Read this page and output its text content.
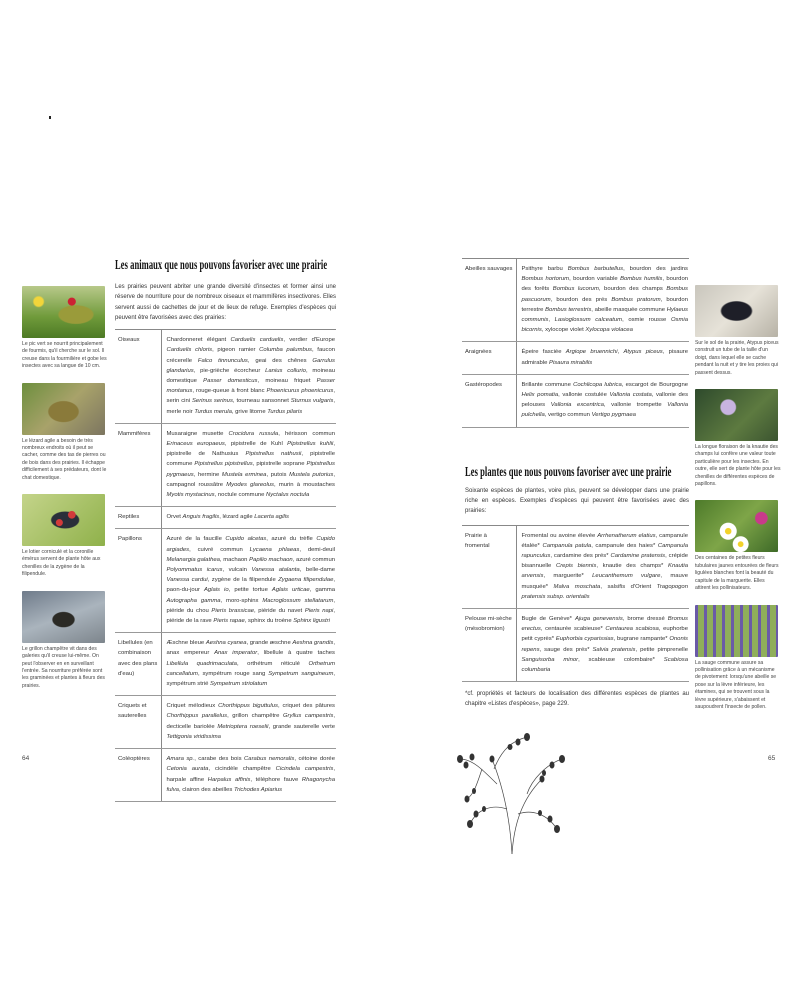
Les animaux que nous pouvons favoriser avec une prairie
Les prairies peuvent abriter une grande diversité d'insectes et former ainsi une réserve de nourriture pour de nombreux oiseaux et mammifères insectivores. Elles servent aussi de cachettes de jour et de lieux de refuge. Exemples d'espèces qui peuvent être favorisées avec des prairies:
Oiseaux	Chardonneret élégant Carduelis carduelis, verdier d'Europe Carduelis chloris, pigeon ramier Columba palumbus, faucon crécerelle Falco tinnunculus, geai des chênes Garrulus glandarius, pie-grièche écorcheur Lanius collurio, moineau domestique Passer domesticus, moineau friquet Passer montanus, rouge-queue à front blanc Phoenicurus phoenicurus, serin cini Serinus serinus, tourneau sansonnet Sturnus vulgaris, merle noir Turdus merula, grive litorne Turdus pilaris
Mammifères	Musaraigne musette Crocidura russula, hérisson commun Erinaceus europaeus, pipistrelle de Kuhl Pipistrellus kuhlii, pipistrelle de Nathusius Pipistrellus nathusii, pipistrelle commune Pipistrellus pipistrellus, pipistrelle soprane Pipistrellus pygmaeus, hermine Mustela erminea, putois Mustela putorius, campagnol roussâtre Myodes glareolus, murin à moustaches Myotis mystacinus, noctule commune Nyctalus noctula
Reptiles	Orvet Anguis fragilis, lézard agile Lacerta agilis
Papillons	Azuré de la faucille Cupido alcetas, azuré du trèfle Cupido argiades, cuivré commun Lycaena phlaeas, demi-deuil Melanargia galathea, machaon Papilio machaon, azuré commun Polyommatus icarus, vulcain Vanessa atalanta, belle-dame Vanessa cardui, zygène de la filipendule Zygaena filipendulae, paon-du-jour Aglais io, petite tortue Aglais urticae, gamma Autographa gamma, moro-sphinx Macroglossum stellatarum, piéride du chou Pieris brassicae, piéride du navet Pieris napi, piéride de la rave Pieris rapae, sphinx du troène Sphinx ligustri
Libellules (en combinaison avec des plans d'eau)	Æschne bleue Aeshna cyanea, grande æschne Aeshna grandis, anax empereur Anax imperator, libellule à quatre taches Libellula quadrimaculata, orthétrum réticulé Orthetrum cancellatum, sympétrum rouge sang Sympetrum sanguineum, sympétrum strié Sympetrum striolatum
Criquets et sauterelles	Criquet mélodieux Chorthippus biguttulus, criquet des pâtures Chorthippus parallelus, grillon champêtre Gryllus campestris, decticelle bariolée Metrioptera roeselii, grande sauterelle verte Tettigonia viridissima
Coléoptères	Amara sp., carabe des bois Carabus nemoralis, cétoine dorée Cetonia aurata, cicindèle champêtre Cicindela campestris, harpale affine Harpalus affinis, téléphore fauve Rhagonycha fulva, clairon des abeilles Trichodes Apiarius
Le pic vert se nourrit principalement de fourmis, qu'il cherche sur le sol. Il creuse dans la fourmilière et gobe les insectes avec sa langue de 10 cm.
Le lézard agile a besoin de très nombreux endroits où il peut se cacher, comme des tas de pierres ou de bois dans des prairies. Il échappe difficilement à ses prédateurs, dont le chat domestique.
Le lotier corniculé et la coronille émérus servent de plante hôte aux chenilles de la zygène de la filipendule.
Le grillon champêtre vit dans des galeries qu'il creuse lui-même. On peut l'observer en en surveillant l'entrée. Sa nourriture préférée sont les graminées et plantes à fleurs des prairies.
64
Abeilles sauvages	Psithyre barbu Bombus barbutellus, bourdon des jardins Bombus hortorum, bourdon variable Bombus humilis, bourdon des forêts Bombus lucorum, bourdon des champs Bombus pascuorum, bourdon des prés Bombus pratorum, bourdon terrestre Bombus terrestris, abeille masquée commune Hylaeus communis, Lasioglossum calceatum, osmie rousse Osmia bicornis, xylocope violet Xylocopa violacea
Araignées	Épeire fasciée Argiope bruennichi, Atypus piceus, pisaure admirable Pisaura mirabilis
Gastéropodes	Brillante commune Cochlicopa lubrica, escargot de Bourgogne Helix pomatia, vallonie costulée Vallonia costata, vallonie des pelouses Vallonia excentrica, vallonie trompette Vallonia pulchella, vertigo commun Vertigo pygmaea
Les plantes que nous pouvons favoriser avec une prairie
Soixante espèces de plantes, voire plus, peuvent se développer dans une prairie riche en espèces. Exemples d'espèces qui peuvent être favorisées avec des prairies:
Prairie à fromental	Fromental ou avoine élevée Arrhenatherum elatius, campanule étalée* Campanula patula, campanule des haies* Campanula rapunculus, cardamine des prés* Cardamine pratensis, crépide bisannuelle Crepis biennis, knautie des champs* Knautia arvensis, marguerite* Leucanthemum vulgare, mauve musquée* Malva moschata, salsifis d'Orient Tragopogon pratensis subsp. orientalis
Pelouse mi-sèche (mésobromion)	Bugle de Genève* Ajuga genevensis, brome dressé Bromus erectus, centaurée scabieuse* Centaurea scabiosa, euphorbe petit cyprès* Euphorbia cyparissias, bugrane rampante* Ononis repens, sauge des prés* Salvia pratensis, petite pimprenelle Sanguisorba minor, scabieuse colombaire* Scabiosa columbaria
*cf. propriétés et facteurs de localisation des différentes espèces de plantes au chapitre «Listes d'espèces», page 229.
Sur le sol de la prairie, Atypus piceus construit un tube de la taille d'un doigt, dans lequel elle se cache pendant la nuit et y tire les proies qui passent dessus.
La longue floraison de la knautie des champs lui confère une valeur toute particulière pour les insectes. En outre, elle sert de plante hôte pour les chenilles de différentes espèces de papillons.
Des centaines de petites fleurs tubulaires jaunes entourées de fleurs ligulées blanches font la beauté du capitule de la marguerite. Elles attirent les pollinisateurs.
La sauge commune assure sa pollinisation grâce à un mécanisme de pivotement: lorsqu'une abeille se pose sur la lèvre inférieure, les étamines, qui se trouvent sous la lèvre supérieure, s'abaissent et saupoudrent l'insecte de pollen.
65
